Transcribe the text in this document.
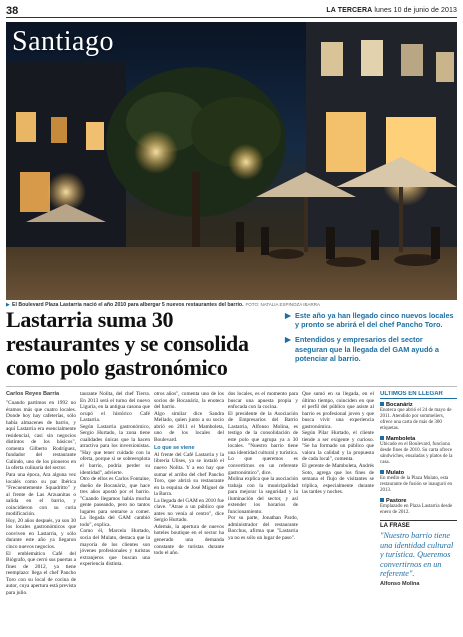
38	LA TERCERA lunes 10 de junio de 2013
Santiago
▶ El Boulevard Plaza Lastarria nació el año 2010 para albergar 5 nuevos restaurantes del barrio. FOTO: NATALIA ESPINOZA IBARRA
Lastarria suma 30 restaurantes y se consolida como polo gastronómico
▶ Este año ya han llegado cinco nuevos locales y pronto se abrirá el del chef Pancho Toro.
▶ Entendidos y empresarios del sector aseguran que la llegada del GAM ayudó a potenciar al barrio.
Carlos Reyes Barría

"Cuando partimos en 1992 no éramos más que cuatro locales. Donde hoy hay cafeterías, sólo había almacenes de barrio, y aquí Lastarria era esencialmente residencial, casi sin negocios distintos de los básicos", comenta Gilberto Rodríguez, fundador del restaurante Galindo, uno de los pioneros en la oferta culinaria del sector.

Para una época, Ara alguna vez localés como su par Ibérica "Frecuentemente Squadritto" y al frente de Las Arzuanitas o salida en el barrio, y coincidieron con su curia modificación.

Hoy, 20 años después, ya son 30 los locales gastronómicos que conviven en Lastarria, y sólo durante este año ya llegaron cinco nuevos negocios.

El emblemático Café del Biógrafo, que cerró sus puertas a fines de 2012, ya tiene reemplazo: llega el chef Pancho Toro con su local de cocina de autor, cuya apertura está prevista para julio.

taurante Nolita, del chef Tierra. En 2013 será el turno del nuevo Liguria, en la antigua casona que ocupó el histórico Café Lastarria.

Según Lastarria gastronómico, Sergio Hurtado, la zona tiene cualidades únicas que la hacen atractiva para los inversionistas. "Hay que tener cuidado con la oferta, porque si se sobreexplota el barrio, podría perder su identidad", advierte.

Otro de ellos es Carlos Fontaine, dueño de Bocanáriz, que hace tres años apostó por el barrio. "Cuando llegamos había mucha gente paseando, pero no tantos lugares para sentarse a comer. La llegada del GAM cambió todo", explica.

Como él, Marcela Hurtado, socia del Mulato, destaca que la mayoría de los clientes son jóvenes profesionales y turistas extranjeros que buscan una experiencia distinta.

otros años", comenta uno de los socios de Bocanáriz, la enoteca del barrio.

Algo similar dice Sandra Mellado, quien junto a su socio abrió en 2011 el Mamboleta, uno de los locales del Boulevard.

Lo que se viene

Al frente del Café Lastarria y la librería Ulises, ya se instaló el nuevo Nolita. Y a eso hay que sumar el arribo del chef Pancho Toro, que abrirá su restaurante en la esquina de José Miguel de la Barra.

La llegada del GAM en 2010 fue clave. "Atrae a un público que antes no venía al centro", dice Sergio Hurtado.

Además, la apertura de nuevos hoteles boutique en el sector ha generado una demanda constante de turistas durante todo el año.

dos locales, es el momento para buscar una apuesta propia y enfocada con la cocina.

El presidente de la Asociación de Empresarios del Barrio Lastarria, Alfonso Molina, es testigo de la consolidación de este polo que agrupa ya a 30 locales. "Nuestro barrio tiene una identidad cultural y turística. Lo que queremos es convertirnos en un referente gastronómico", dice.

Molina explica que la asociación trabaja con la municipalidad para mejorar la seguridad y la iluminación del sector, y así extender los horarios de funcionamiento.

Por su parte, Jonathan Pardo, administrador del restaurante Bacchus, afirma que "Lastarria ya no es sólo un lugar de paso".

Que sumó en su llegada, en el último tiempo, coinciden en que el perfil del público que asiste al barrio es profesional joven y que busca vivir una experiencia gastronómica.

Según Pilar Hurtado, el cliente tiende a ser exigente y curioso. "Se ha formado un público que valora la calidad y la propuesta de cada local", comenta.

El gerente de Mamboleta, Andrés Soto, agrega que los fines de semana el flujo de visitantes se triplica, especialmente durante las tardes y noches.

ÚLTIMOS EN LLEGAR
Bocanáriz
Enoteca que abrió el 24 de mayo de 2011. Atendido por sommeliers, ofrece una carta de más de 300 etiquetas.
Mamboleta
Ubicado en el Boulevard, funciona desde fines de 2010. Su carta ofrece sándwiches, ensaladas y platos de la casa.
Mulato
En medio de la Plaza Mulato, esta restaurante de fusión se inauguró en 2013.
Pastore
Emplazado en Plaza Lastarria desde enero de 2012.
LA FRASE
"Nuestro barrio tiene una identidad cultural y turística. Queremos convertirnos en un referente".
Alfonso Molina
